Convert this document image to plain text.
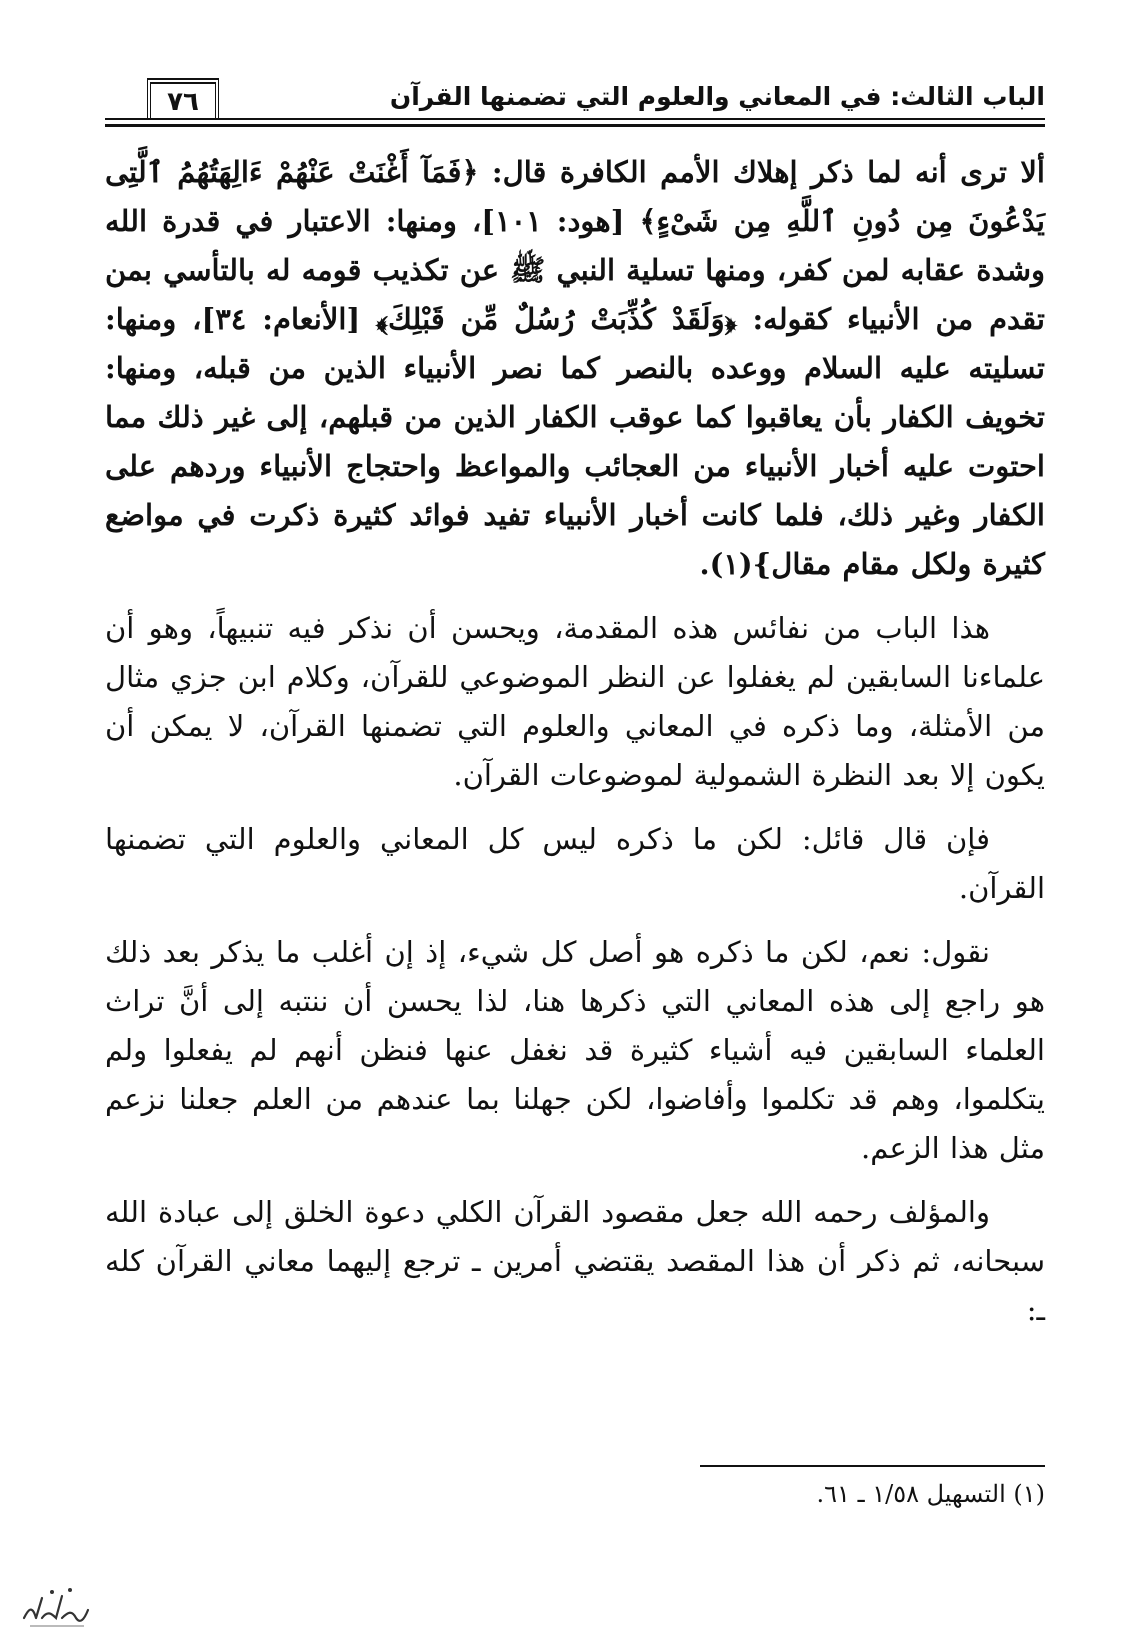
الباب الثالث: في المعاني والعلوم التي تضمنها القرآن
٧٦

ألا ترى أنه لما ذكر إهلاك الأمم الكافرة قال: ﴿فَمَآ أَغْنَتْ عَنْهُمْ ءَالِهَتُهُمُ ٱلَّتِى يَدْعُونَ مِن دُونِ ٱللَّهِ مِن شَىْءٍ﴾ [هود: ١٠١]، ومنها: الاعتبار في قدرة الله وشدة عقابه لمن كفر، ومنها تسلية النبي ﷺ عن تكذيب قومه له بالتأسي بمن تقدم من الأنبياء كقوله: ﴿وَلَقَدْ كُذِّبَتْ رُسُلٌ مِّن قَبْلِكَ﴾ [الأنعام: ٣٤]، ومنها: تسليته عليه السلام ووعده بالنصر كما نصر الأنبياء الذين من قبله، ومنها: تخويف الكفار بأن يعاقبوا كما عوقب الكفار الذين من قبلهم، إلى غير ذلك مما احتوت عليه أخبار الأنبياء من العجائب والمواعظ واحتجاج الأنبياء وردهم على الكفار وغير ذلك، فلما كانت أخبار الأنبياء تفيد فوائد كثيرة ذكرت في مواضع كثيرة ولكل مقام مقال}(١).

هذا الباب من نفائس هذه المقدمة، ويحسن أن نذكر فيه تنبيهاً، وهو أن علماءنا السابقين لم يغفلوا عن النظر الموضوعي للقرآن، وكلام ابن جزي مثال من الأمثلة، وما ذكره في المعاني والعلوم التي تضمنها القرآن، لا يمكن أن يكون إلا بعد النظرة الشمولية لموضوعات القرآن.

فإن قال قائل: لكن ما ذكره ليس كل المعاني والعلوم التي تضمنها القرآن.

نقول: نعم، لكن ما ذكره هو أصل كل شيء، إذ إن أغلب ما يذكر بعد ذلك هو راجع إلى هذه المعاني التي ذكرها هنا، لذا يحسن أن ننتبه إلى أنَّ تراث العلماء السابقين فيه أشياء كثيرة قد نغفل عنها فنظن أنهم لم يفعلوا ولم يتكلموا، وهم قد تكلموا وأفاضوا، لكن جهلنا بما عندهم من العلم جعلنا نزعم مثل هذا الزعم.

والمؤلف رحمه الله جعل مقصود القرآن الكلي دعوة الخلق إلى عبادة الله سبحانه، ثم ذكر أن هذا المقصد يقتضي أمرين ـ ترجع إليهما معاني القرآن كله ـ:

(١) التسهيل ١/٥٨ ـ ٦١.
